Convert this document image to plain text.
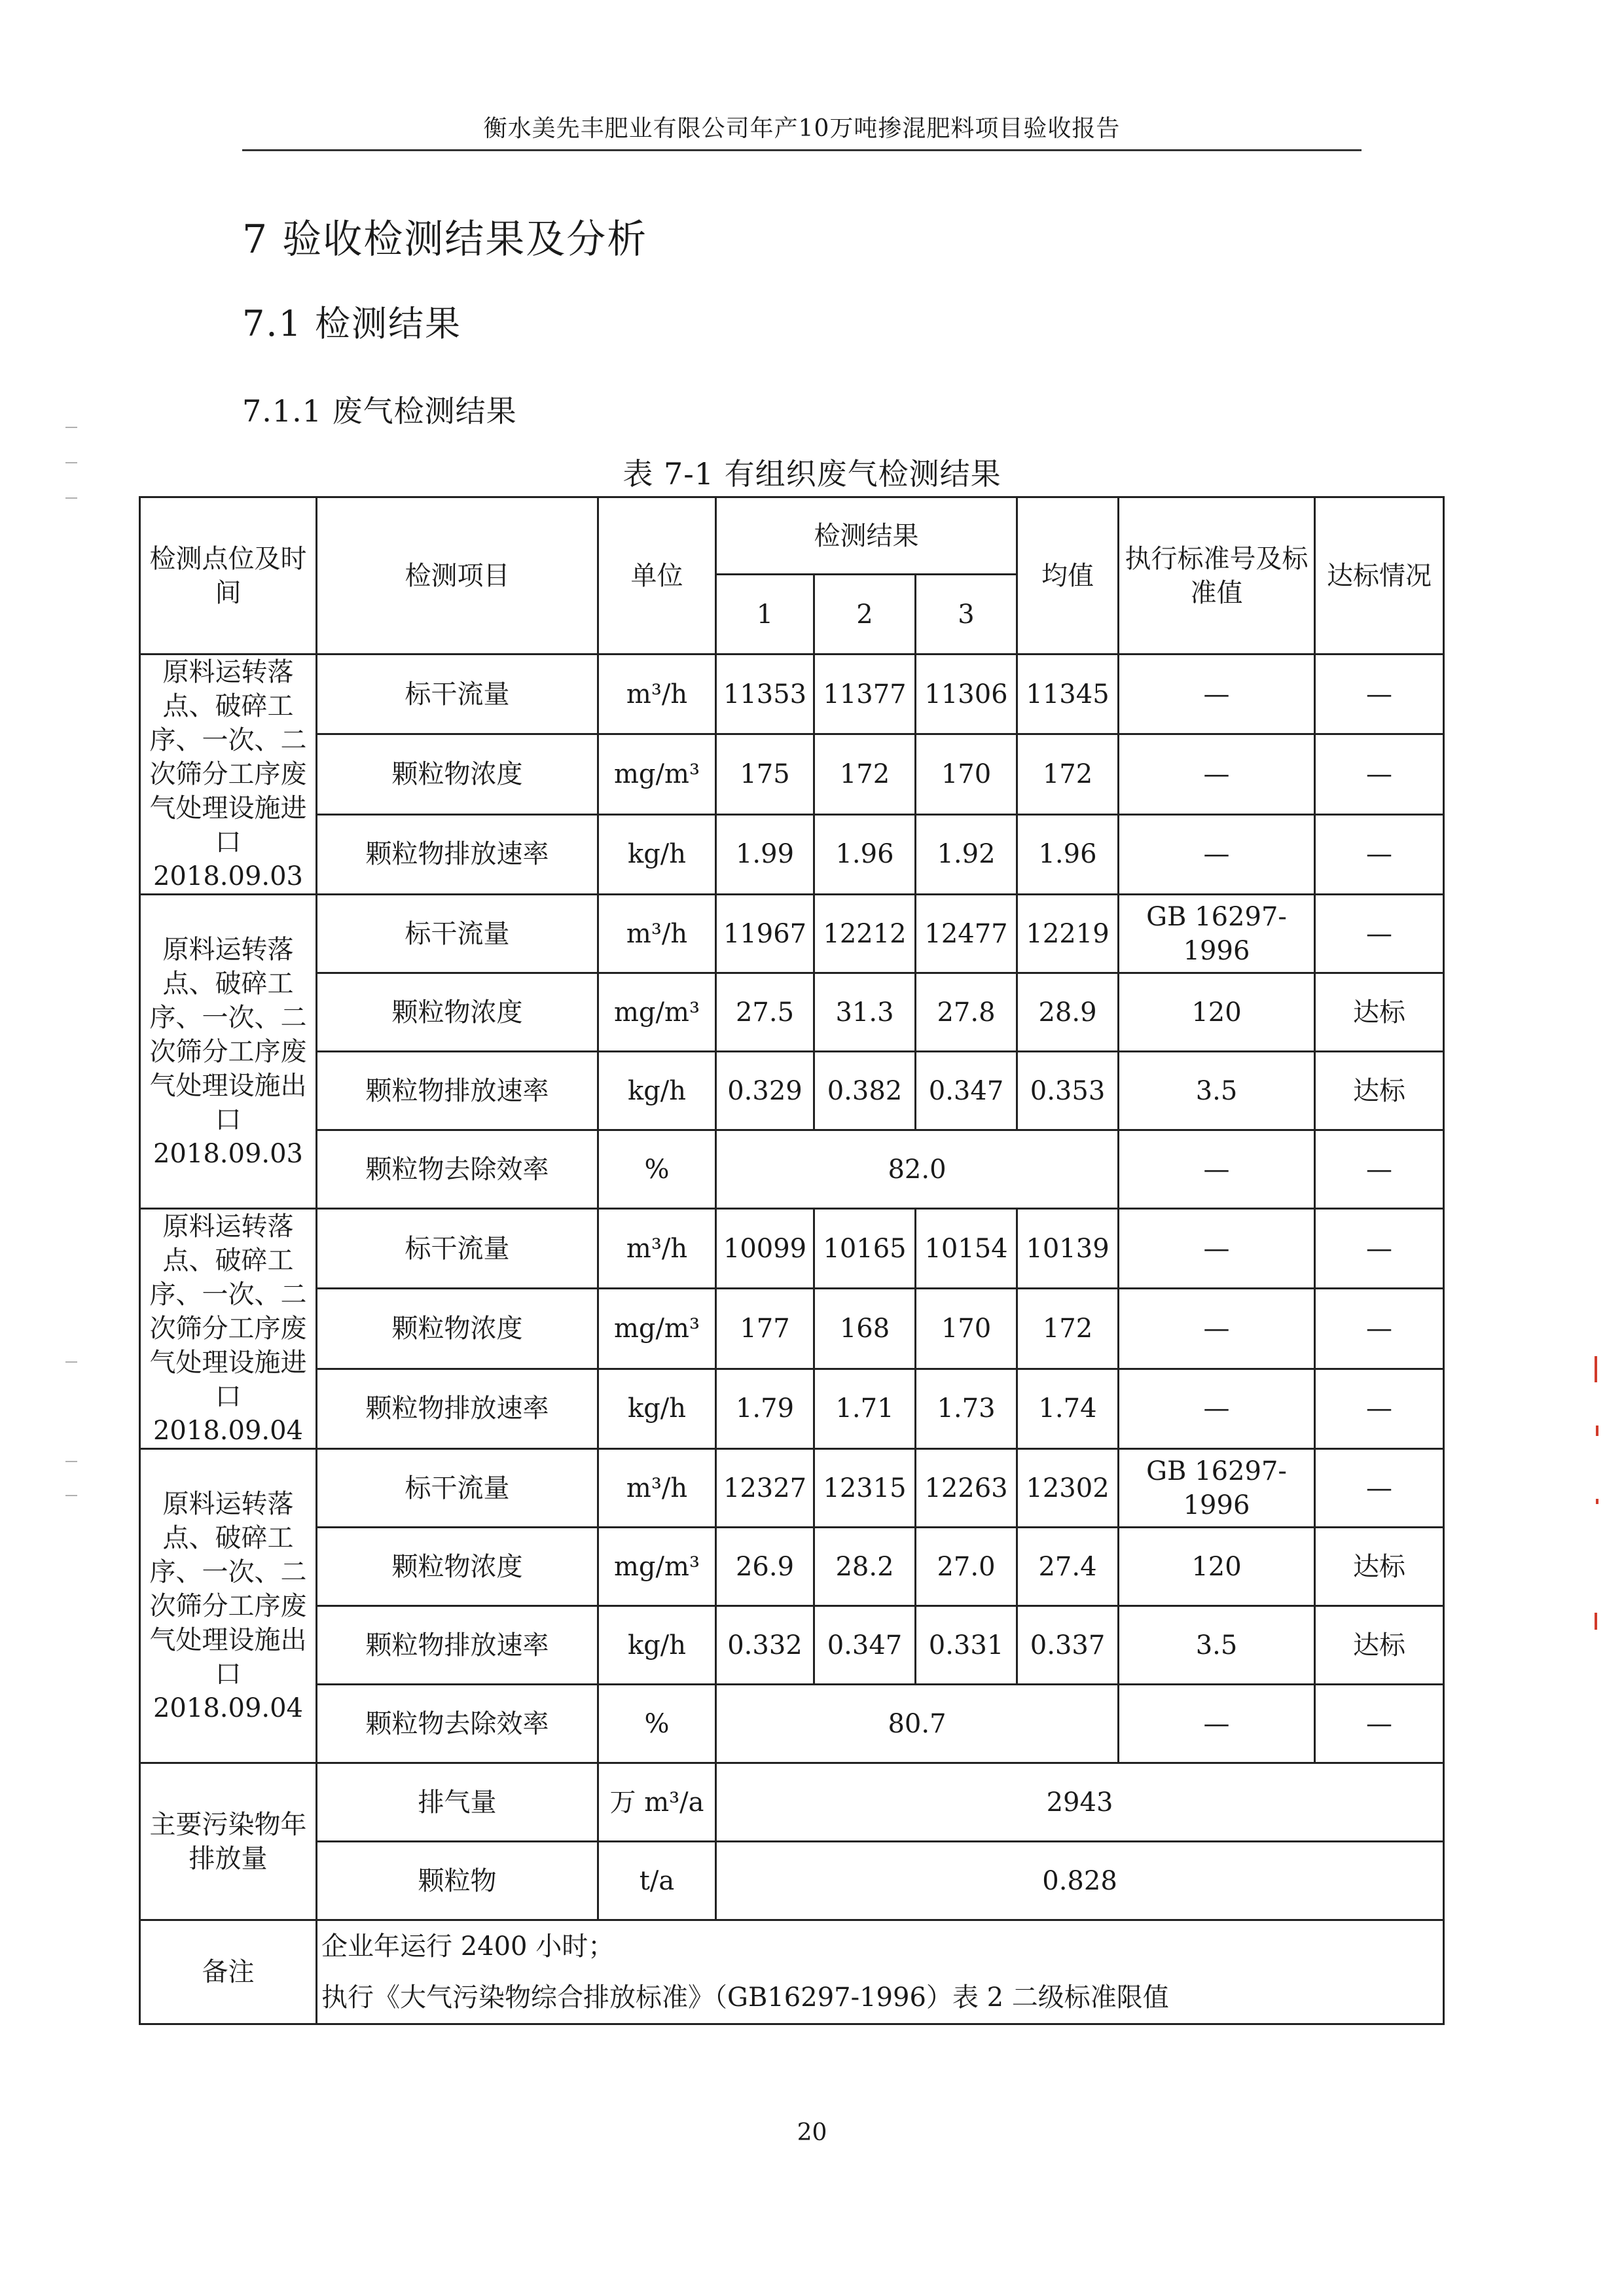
衡水美先丰肥业有限公司年产10万吨掺混肥料项目验收报告
7 验收检测结果及分析
7.1 检测结果
7.1.1 废气检测结果
表 7-1 有组织废气检测结果
检测点位及时间	检测项目	单位	检测结果			均值	执行标准号及标准值	达标情况
			1	2	3			
原料运转落点、破碎工序、一次、二次筛分工序废气处理设施进口2018.09.03	标干流量	m³/h	11353	11377	11306	11345	—	—
	颗粒物浓度	mg/m³	175	172	170	172	—	—
	颗粒物排放速率	kg/h	1.99	1.96	1.92	1.96	—	—
原料运转落点、破碎工序、一次、二次筛分工序废气处理设施出口2018.09.03	标干流量	m³/h	11967	12212	12477	12219	GB 16297-1996	—
	颗粒物浓度	mg/m³	27.5	31.3	27.8	28.9	120	达标
	颗粒物排放速率	kg/h	0.329	0.382	0.347	0.353	3.5	达标
	颗粒物去除效率	%	82.0				—	—
原料运转落点、破碎工序、一次、二次筛分工序废气处理设施进口2018.09.04	标干流量	m³/h	10099	10165	10154	10139	—	—
	颗粒物浓度	mg/m³	177	168	170	172	—	—
	颗粒物排放速率	kg/h	1.79	1.71	1.73	1.74	—	—
原料运转落点、破碎工序、一次、二次筛分工序废气处理设施出口2018.09.04	标干流量	m³/h	12327	12315	12263	12302	GB 16297-1996	—
	颗粒物浓度	mg/m³	26.9	28.2	27.0	27.4	120	达标
	颗粒物排放速率	kg/h	0.332	0.347	0.331	0.337	3.5	达标
	颗粒物去除效率	%	80.7				—	—
主要污染物年排放量	排气量	万 m³/a	2943					
	颗粒物	t/a	0.828					
备注	企业年运行 2400 小时；
执行《大气污染物综合排放标准》（GB16297-1996）表 2 二级标准限值							
20
